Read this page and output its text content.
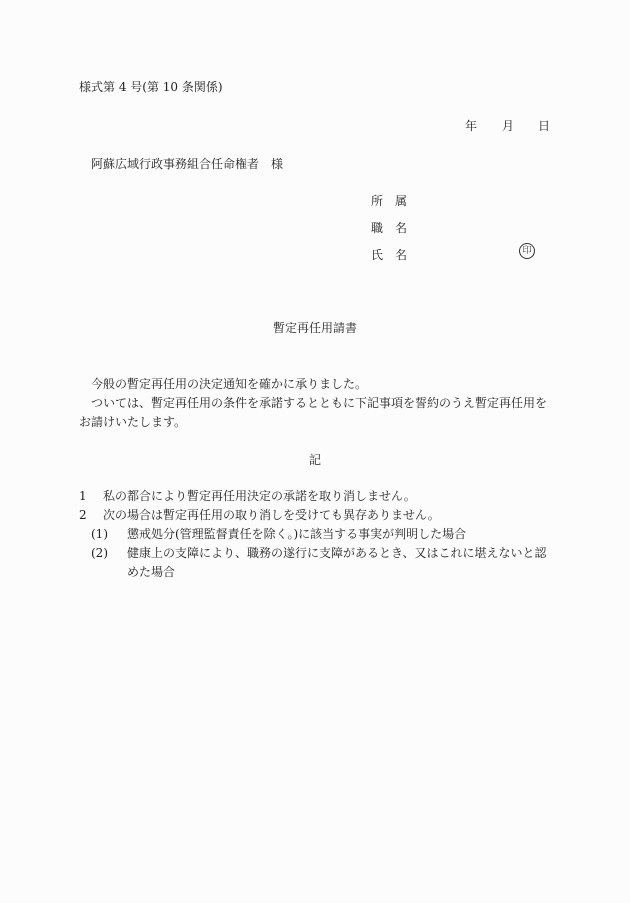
様式第 4 号(第 10 条関係)
年	月	日
阿蘇広域行政事務組合任命権者 様
所 属
職 名
氏 名	印
暫定再任用請書

今般の暫定再任用の決定通知を確かに承りました。

ついては、暫定再任用の条件を承諾するとともに下記事項を誓約のうえ暫定再任用をお請けいたします。

記
1	私の都合により暫定再任用決定の承諾を取り消しません。
2	次の場合は暫定再任用の取り消しを受けても異存ありません。
(1)	懲戒処分(管理監督責任を除く。)に該当する事実が判明した場合
(2)	健康上の支障により、職務の遂行に支障があるとき、又はこれに堪えないと認めた場合
